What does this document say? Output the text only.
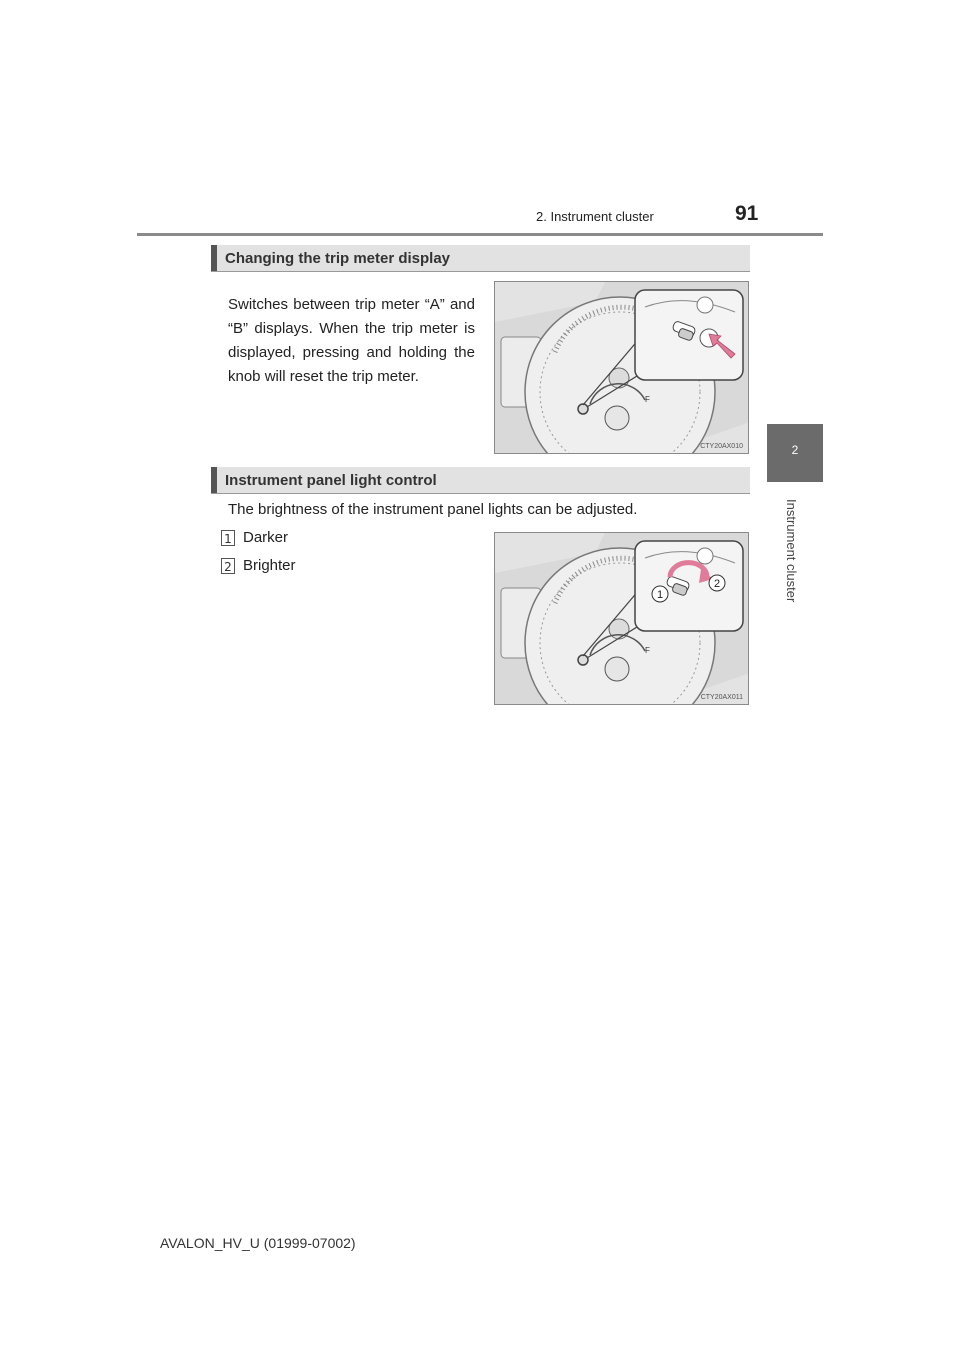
2. Instrument cluster	91
2
Instrument cluster
Changing the trip meter display
Switches between trip meter “A” and “B” displays. When the trip meter is displayed, pressing and holding the knob will reset the trip meter.
F
CTY20AX010
Instrument panel light control
The brightness of the instrument panel lights can be adjusted.
1 Darker
2 Brighter
F
1
2
CTY20AX011
AVALON_HV_U (01999-07002)
